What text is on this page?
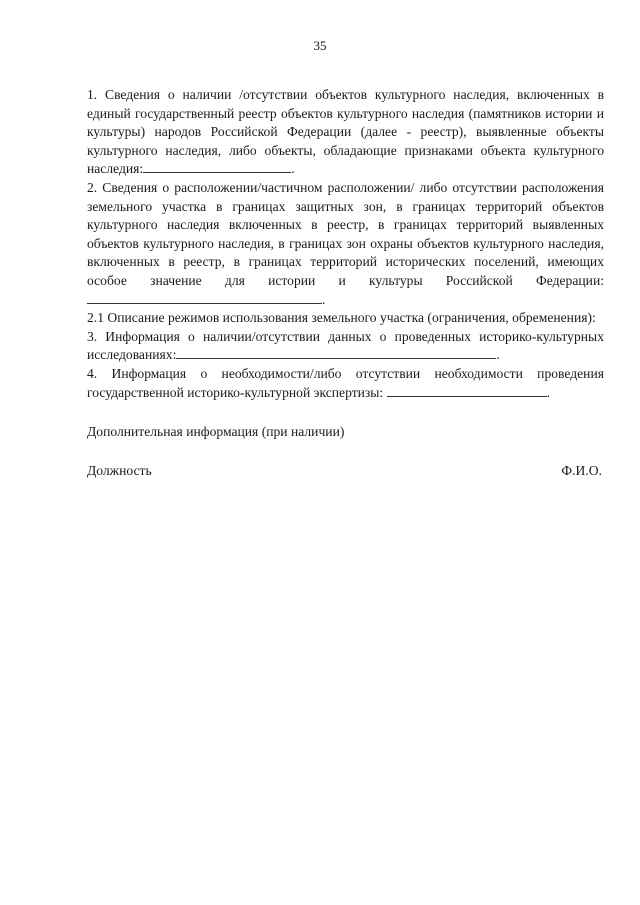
35

1. Сведения о наличии /отсутствии объектов культурного наследия, включенных в единый государственный реестр объектов культурного наследия (памятников истории и культуры) народов Российской Федерации (далее - реестр), выявленные объекты культурного наследия, либо объекты, обладающие признаками объекта культурного наследия:	.

2. Сведения о расположении/частичном расположении/ либо отсутствии расположения земельного участка в границах защитных зон, в границах территорий объектов культурного наследия включенных в реестр, в границах территорий выявленных объектов культурного наследия, в границах зон охраны объектов культурного наследия, включенных в реестр, в границах территорий исторических поселений, имеющих особое значение для истории и культуры Российской Федерации:.

2.1 Описание режимов использования земельного участка (ограничения, обременения):

3. Информация о наличии/отсутствии данных о проведенных историко-культурных исследованиях:	.

4. Информация о необходимости/либо отсутствии необходимости проведения государственной историко-культурной экспертизы:	.

Дополнительная информация (при наличии)
Должность	Ф.И.О.
